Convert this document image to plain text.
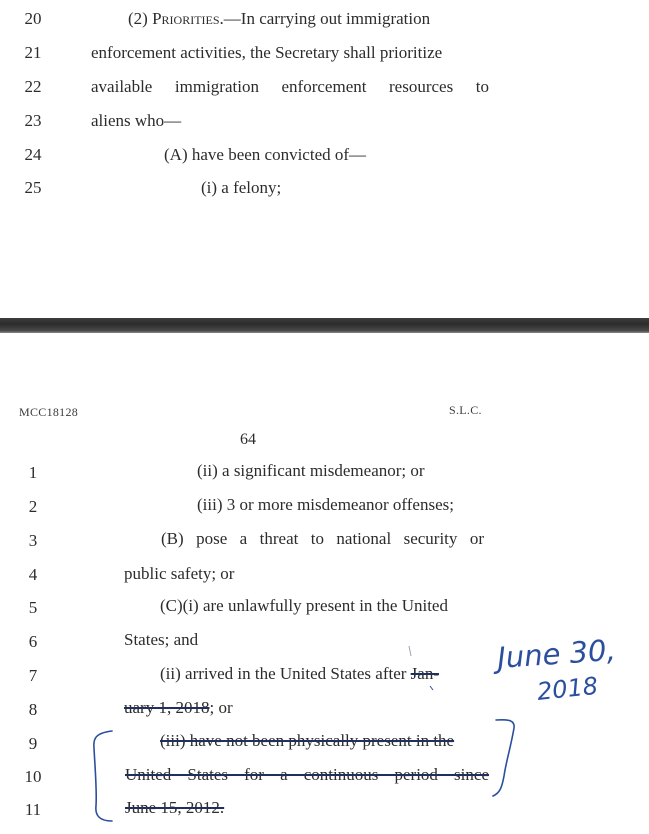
20	(2) Priorities.—In carrying out immigration
21	enforcement activities, the Secretary shall prioritize
22	available immigration enforcement resources to
23	aliens who—
24	(A) have been convicted of—
25	(i) a felony;
MCC18128	S.L.C.
64
1	(ii) a significant misdemeanor; or
2	(iii) 3 or more misdemeanor offenses;
3	(B) pose a threat to national security or
4	public safety; or
5	(C)(i) are unlawfully present in the United
6	States; and
7	(ii) arrived in the United States after Jan-
8	uary 1, 2018; or
9	(iii) have not been physically present in the
10	United States for a continuous period since
11	June 15, 2012.
June 30,
2018
